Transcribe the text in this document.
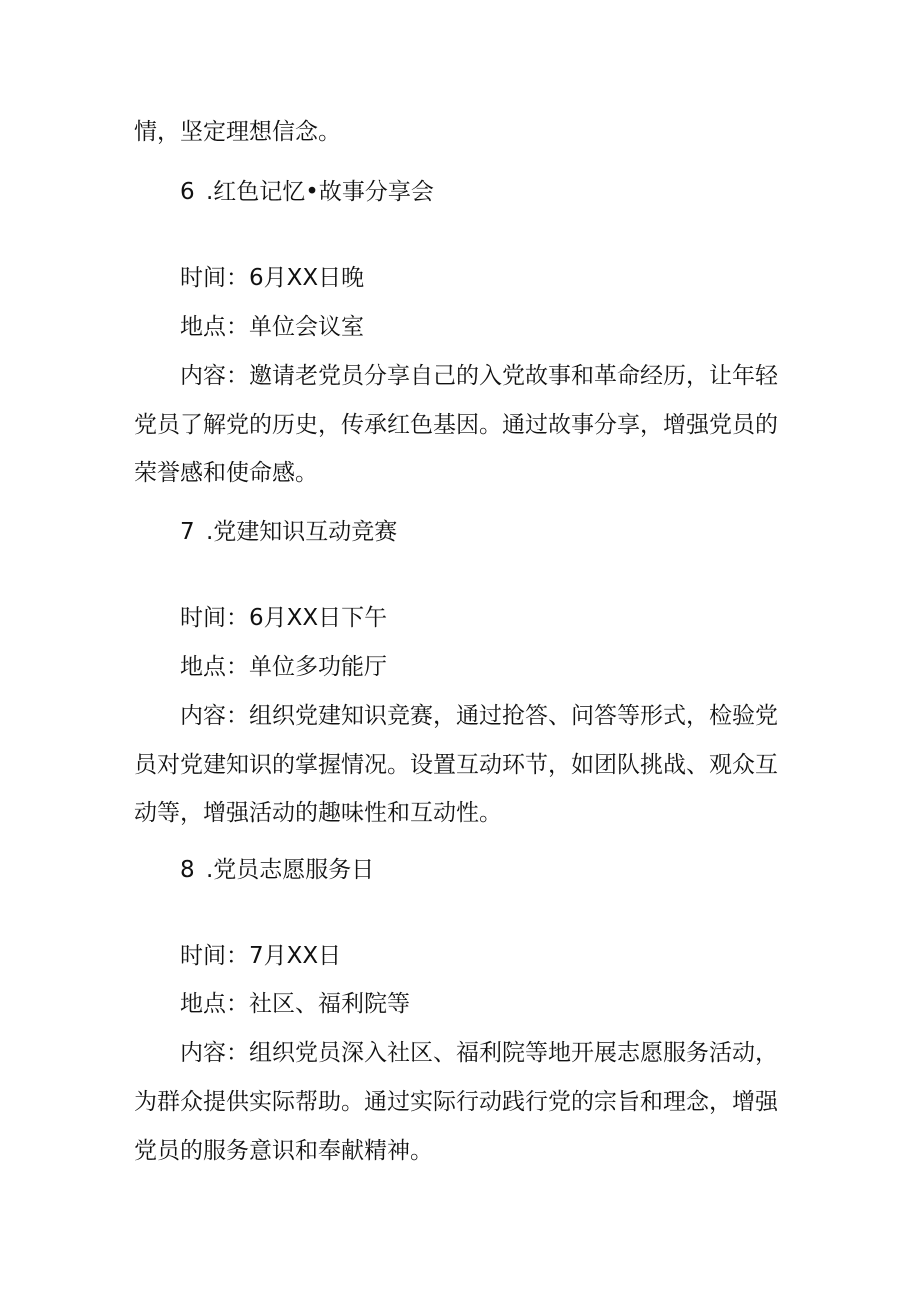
情，坚定理想信念。
6 .红色记忆•故事分享会
时间：6月XX日晚
地点：单位会议室
内容：邀请老党员分享自己的入党故事和革命经历，让年轻
党员了解党的历史，传承红色基因。通过故事分享，增强党员的
荣誉感和使命感。
7 .党建知识互动竞赛
时间：6月XX日下午
地点：单位多功能厅
内容：组织党建知识竞赛，通过抢答、问答等形式，检验党
员对党建知识的掌握情况。设置互动环节，如团队挑战、观众互
动等，增强活动的趣味性和互动性。
8 .党员志愿服务日
时间：7月XX日
地点：社区、福利院等
内容：组织党员深入社区、福利院等地开展志愿服务活动，
为群众提供实际帮助。通过实际行动践行党的宗旨和理念，增强
党员的服务意识和奉献精神。
